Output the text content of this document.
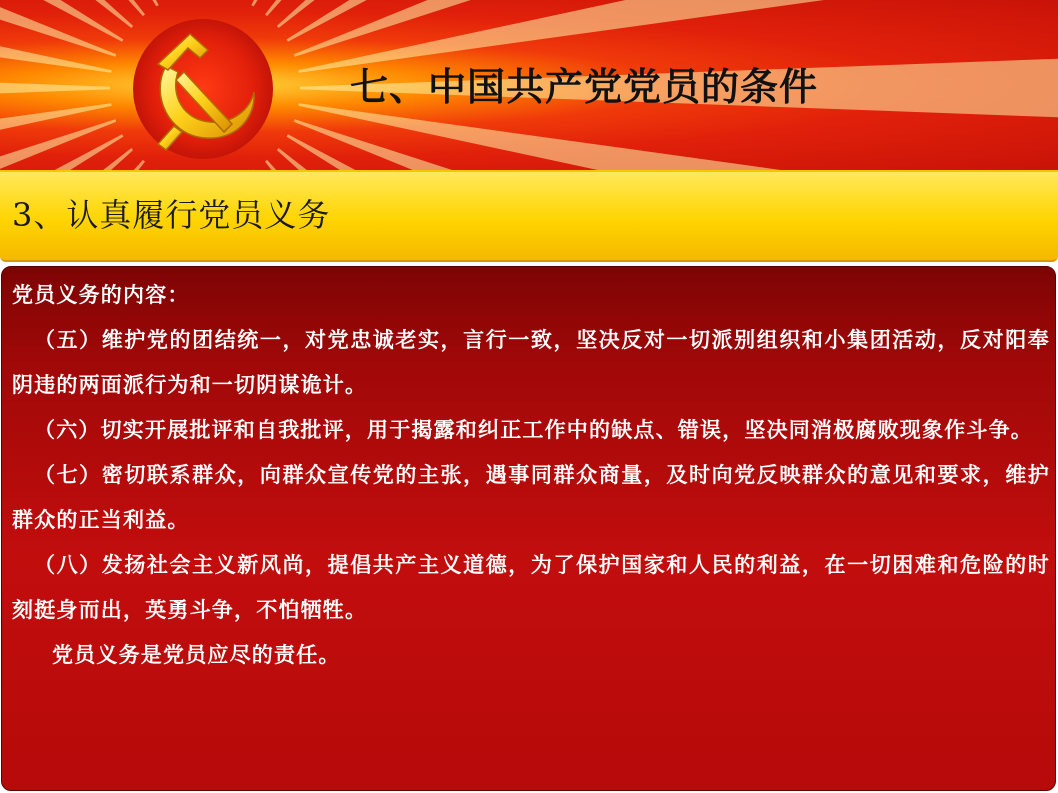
七、中国共产党党员的条件
3、认真履行党员义务

党员义务的内容：

（五）维护党的团结统一，对党忠诚老实，言行一致，坚决反对一切派别组织和小集团活动，反对阳奉阴违的两面派行为和一切阴谋诡计。

（六）切实开展批评和自我批评，用于揭露和纠正工作中的缺点、错误，坚决同消极腐败现象作斗争。

（七）密切联系群众，向群众宣传党的主张，遇事同群众商量，及时向党反映群众的意见和要求，维护群众的正当利益。

（八）发扬社会主义新风尚，提倡共产主义道德，为了保护国家和人民的利益，在一切困难和危险的时刻挺身而出，英勇斗争，不怕牺牲。

党员义务是党员应尽的责任。
